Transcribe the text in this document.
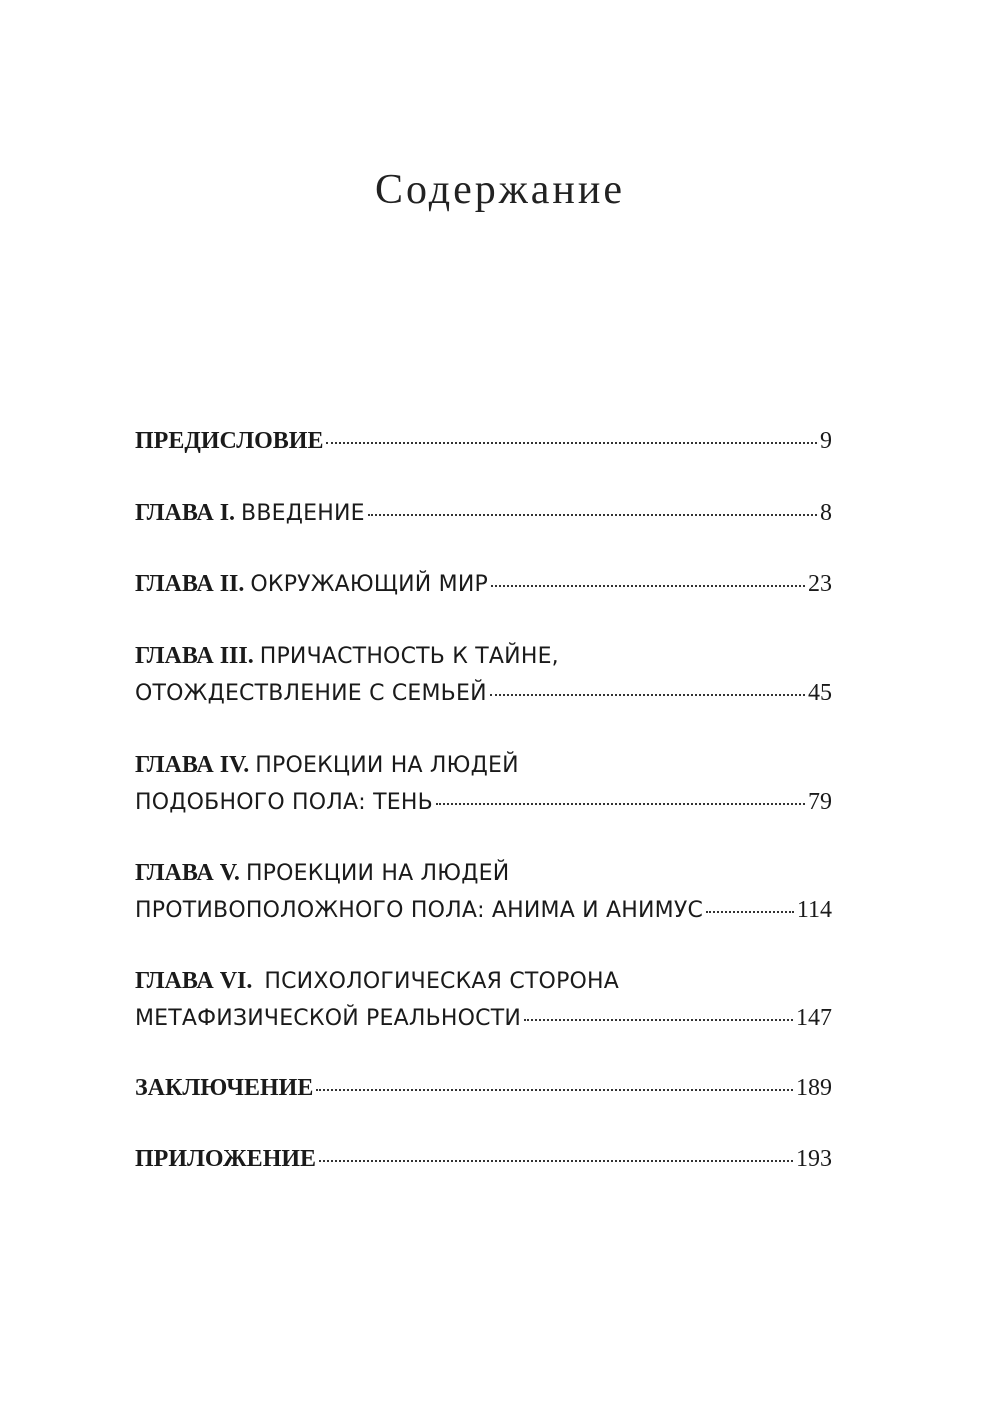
Содержание
ПРЕДИСЛОВИЕ	9
ГЛАВА I.
ВВЕДЕНИЕ	8
ГЛАВА II.
ОКРУЖАЮЩИЙ МИР	23
ГЛАВА III.
ПРИЧАСТНОСТЬ К ТАЙНЕ,
ОТОЖДЕСТВЛЕНИЕ С СЕМЬЕЙ	45
ГЛАВА IV.
ПРОЕКЦИИ НА ЛЮДЕЙ
ПОДОБНОГО ПОЛА: ТЕНЬ	79
ГЛАВА V.
ПРОЕКЦИИ НА ЛЮДЕЙ
ПРОТИВОПОЛОЖНОГО ПОЛА: АНИМА И АНИМУС	114
ГЛАВА VI.
ПСИХОЛОГИЧЕСКАЯ СТОРОНА
МЕТАФИЗИЧЕСКОЙ РЕАЛЬНОСТИ	147
ЗАКЛЮЧЕНИЕ	189
ПРИЛОЖЕНИЕ	193
